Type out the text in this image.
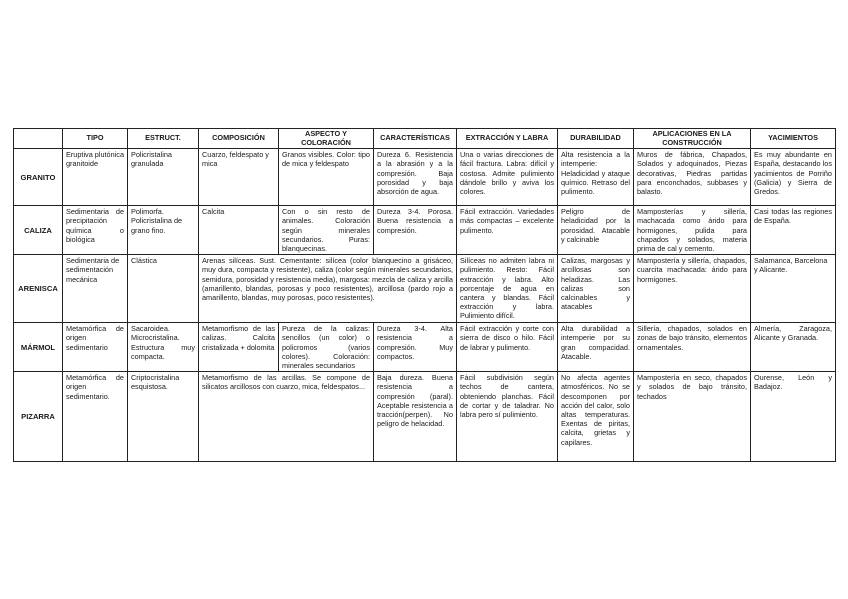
	TIPO	ESTRUCT.	COMPOSICIÓN	ASPECTO Y COLORACIÓN	CARACTERÍSTICAS	EXTRACCIÓN Y LABRA	DURABILIDAD	APLICACIONES EN LA CONSTRUCCIÓN	YACIMIENTOS
GRANITO	Eruptiva plutónica granitoide	Policristalina granulada	Cuarzo, feldespato y mica	Granos visibles. Color: tipo de mica y feldespato	Dureza 6. Resistencia a la abrasión y a la compresión. Baja porosidad y baja absorción de agua.	Una o varias direcciones de fácil fractura. Labra: difícil y costosa. Admite pulimiento dándole brillo y aviva los colores.	Alta resistencia a la intemperie: Heladicidad y ataque químico. Retraso del pulimento.	Muros de fábrica, Chapados, Solados y adoquinados, Piezas decorativas, Piedras partidas para enconchados, subbases y balasto.	Es muy abundante en España, destacando los yacimientos de Porriño (Galicia) y Sierra de Gredos.
CALIZA	Sedimentaria de precipitación química o biológica	Polimorfa. Policristalina de grano fino.	Calcita	Con o sin resto de animales. Coloración según minerales secundarios. Puras: blanquecinas.	Dureza 3-4. Porosa. Buena resistencia a compresión.	Fácil extracción. Variedades más compactas – excelente pulimento.	Peligro de heladicidad por la porosidad. Atacable y calcinable	Mamposterías y sillería, machacada como árido para hormigones, pulida para chapados y solados, materia prima de cal y cemento.	Casi todas las regiones de España.
ARENISCA	Sedimentaria de sedimentación mecánica	Clástica	Arenas silíceas. Sust. Cementante: silícea (color blanquecino a grisáceo, muy dura, compacta y resistente), caliza (color según minerales secundarios, semidura, porosidad y resistencia media), margosa: mezcla de caliza y arcilla (amarillento, blandas, porosas y poco resistentes), arcillosa (pardo rojo a amarillento, blandas, muy porosas, poco resistentes).			Silíceas no admiten labra ni pulimiento. Resto: Fácil extracción y labra. Alto porcentaje de agua en cantera y blandas. Fácil extracción y labra. Pulimiento difícil.	Calizas, margosas y arcillosas son heladizas. Las calizas son calcinables y atacables	Mampostería y sillería, chapados, cuarcita machacada: árido para hormigones.	Salamanca, Barcelona y Alicante.
MÁRMOL	Metamórfica de origen sedimentario	Sacaroidea. Microcristalina. Estructura muy compacta.	Metamorfismo de las calizas. Calcita cristalizada + dolomita	Pureza de la calizas: sencillos (un color) o policromos (varios colores). Coloración: minerales secundarios	Dureza 3-4. Alta resistencia a compresión. Muy compactos.	Fácil extracción y corte con sierra de disco o hilo. Fácil de labrar y pulimento.	Alta durabilidad a intemperie por su gran compacidad. Atacable.	Sillería, chapados, solados en zonas de bajo tránsito, elementos ornamentales.	Almería, Zaragoza, Alicante y Granada.
PIZARRA	Metamórfica de origen sedimentario.	Criptocristalina esquistosa.	Metamorfismo de las arcillas. Se compone de silicatos arcillosos con cuarzo, mica, feldespatos...		Baja dureza. Buena resistencia a compresión (paral). Aceptable resistencia a tracción(perpen). No peligro de helacidad.	Fácil subdivisión según techos de cantera, obteniendo planchas. Fácil de cortar y de taladrar. No labra pero sí pulimiento.	No afecta agentes atmosféricos. No se descomponen por acción del calor, solo altas temperaturas. Exentas de piritas, calcita, grietas y capilares.	Mampostería en seco, chapados y solados de bajo tránsito, techados	Ourense, León y Badajoz.
